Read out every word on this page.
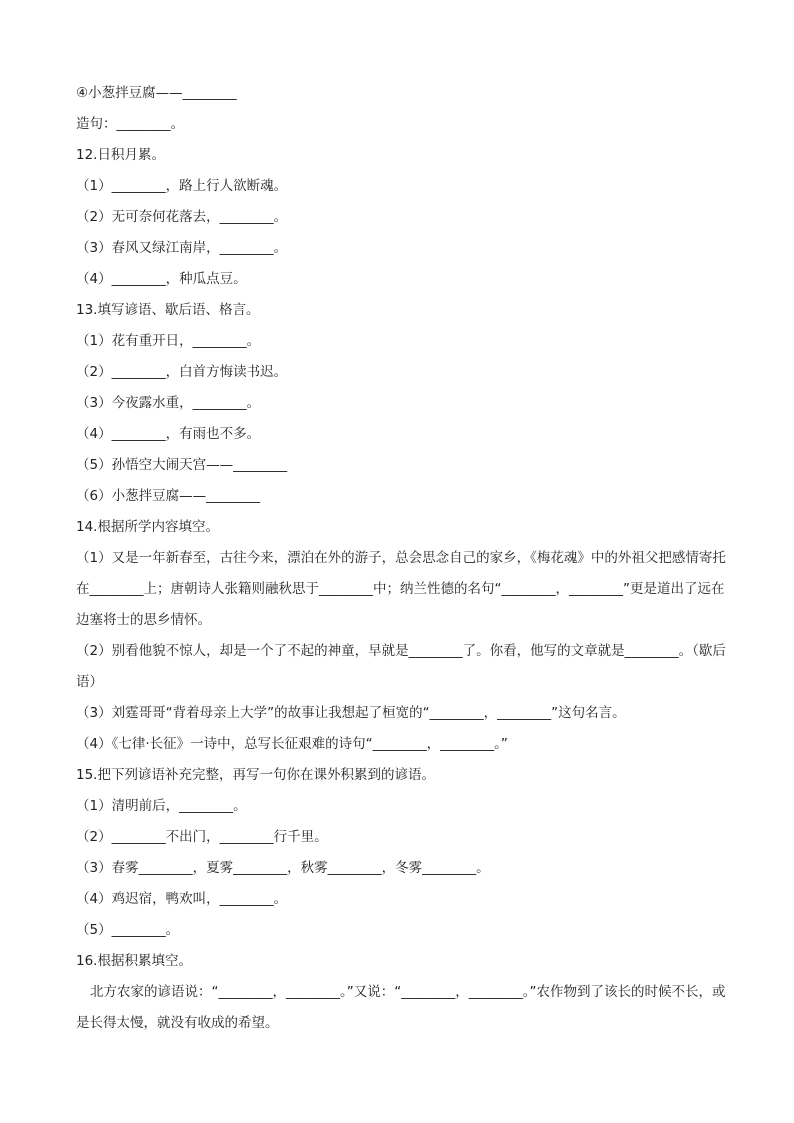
④小葱拌豆腐——________
造句：________。
12.日积月累。
（1）________，路上行人欲断魂。
（2）无可奈何花落去，________。
（3）春风又绿江南岸，________。
（4）________，种瓜点豆。
13.填写谚语、歇后语、格言。
（1）花有重开日，________。
（2）________，白首方悔读书迟。
（3）今夜露水重，________。
（4）________，有雨也不多。
（5）孙悟空大闹天宫——________
（6）小葱拌豆腐——________
14.根据所学内容填空。
（1）又是一年新春至，古往今来，漂泊在外的游子，总会思念自己的家乡，《梅花魂》中的外祖父把感情寄托在________上；唐朝诗人张籍则融秋思于________中；纳兰性德的名句“________，________”更是道出了远在边塞将士的思乡情怀。
（2）别看他貌不惊人，却是一个了不起的神童，早就是________了。你看，他写的文章就是________。（歇后语）
（3）刘霆哥哥“背着母亲上大学”的故事让我想起了桓宽的“________，________”这句名言。
（4）《七律·长征》一诗中，总写长征艰难的诗句“________，________。”
15.把下列谚语补充完整，再写一句你在课外积累到的谚语。
（1）清明前后，________。
（2）________不出门，________行千里。
（3）春雾________，夏雾________，秋雾________，冬雾________。
（4）鸡迟宿，鸭欢叫，________。
（5）________。
16.根据积累填空。
北方农家的谚语说：“________，________。”又说：“________，________。”农作物到了该长的时候不长，或是长得太慢，就没有收成的希望。
